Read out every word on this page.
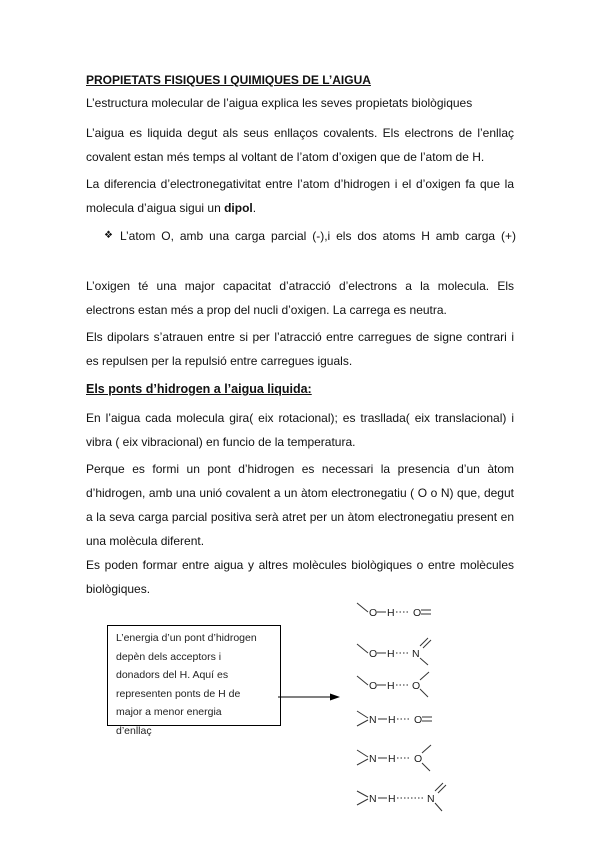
PROPIETATS FISIQUES I QUIMIQUES DE L’AIGUA

L’estructura molecular de l’aigua explica les seves propietats biològiques

L’aigua es liquida degut als seus enllaços covalents. Els electrons de l’enllaç covalent estan més temps al voltant de l’atom d’oxigen que de l’atom de H.

La diferencia d’electronegativitat entre l’atom d’hidrogen i el d’oxigen fa que la molecula d’aigua sigui un dipol.

❖ L’atom O, amb una carga parcial (-),i els dos atoms H amb carga (+)

L’oxigen té una major capacitat d’atracció d’electrons a la molecula. Els electrons estan més a prop del nucli d’oxigen. La carrega es neutra.

Els dipolars s’atrauen entre si per l’atracció entre carregues de signe contrari i es repulsen per la repulsió entre carregues iguals.

Els ponts d’hidrogen a l’aigua liquida:

En l’aigua cada molecula gira( eix rotacional); es trasllada( eix translacional) i vibra ( eix vibracional) en funcio de la temperatura.

Perque es formi un pont d’hidrogen es necessari la presencia d’un àtom d’hidrogen, amb una unió covalent a un àtom electronegatiu ( O o N) que, degut a la seva carga parcial positiva serà atret per un àtom electronegatiu present en una molècula diferent.

Es poden formar entre aigua y altres molècules biològiques o entre molècules biològiques.

L’energia d’un pont d’hidrogen
depèn dels acceptors i
donadors del H. Aquí es
representen ponts de H de
major a menor energia
d’enllaç
O H O
O H N
O H O
N H O
N H O
N H	N
